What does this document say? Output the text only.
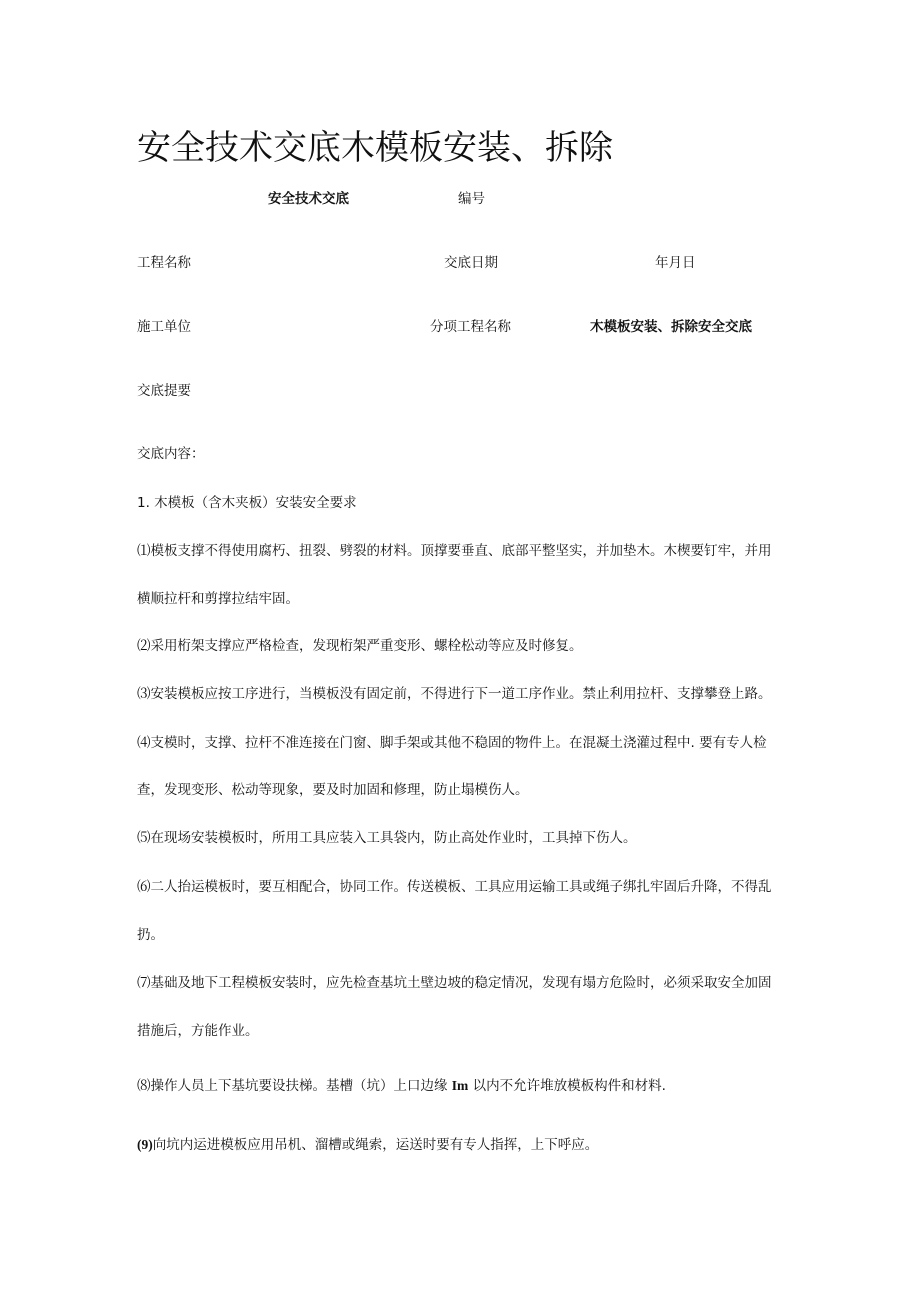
安全技术交底木模板安装、拆除
安全技术交底	编号
工程名称	交底日期	年月日
施工单位	分项工程名称	木模板安装、拆除安全交底
交底提要
交底内容：
1. 木模板（含木夹板）安装安全要求
⑴模板支撑不得使用腐朽、扭裂、劈裂的材料。顶撑要垂直、底部平整坚实，并加垫木。木楔要钉牢，并用
横顺拉杆和剪撑拉结牢固。
⑵采用桁架支撑应严格检查，发现桁架严重变形、螺栓松动等应及时修复。
⑶安装模板应按工序进行，当模板没有固定前，不得进行下一道工序作业。禁止利用拉杆、支撑攀登上路。
⑷支模时，支撑、拉杆不准连接在门窗、脚手架或其他不稳固的物件上。在混凝土浇灌过程中. 要有专人检
查，发现变形、松动等现象，要及时加固和修理，防止塌模伤人。
⑸在现场安装模板时，所用工具应装入工具袋内，防止高处作业时，工具掉下伤人。
⑹二人抬运模板时，要互相配合，协同工作。传送模板、工具应用运输工具或绳子绑扎牢固后升降，不得乱
扔。
⑺基础及地下工程模板安装时，应先检查基坑土壁边坡的稳定情况，发现有塌方危险时，必须采取安全加固
措施后，方能作业。
⑻操作人员上下基坑要设扶梯。基槽（坑）上口边缘 Im 以内不允许堆放模板构件和材料.
(9)向坑内运进模板应用吊机、溜槽或绳索，运送时要有专人指挥，上下呼应。
